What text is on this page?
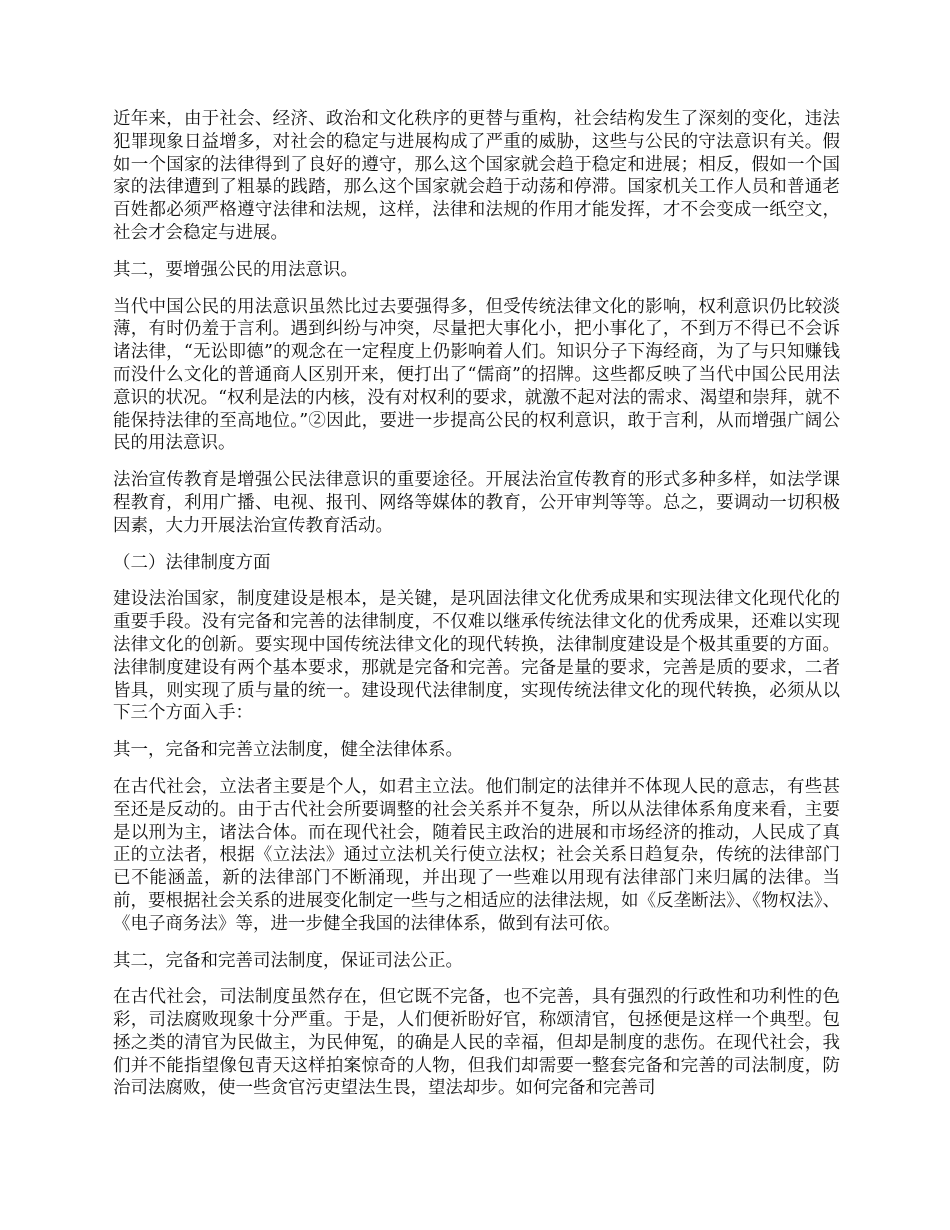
近年来，由于社会、经济、政治和文化秩序的更替与重构，社会结构发生了深刻的变化，违法犯罪现象日益增多，对社会的稳定与进展构成了严重的威胁，这些与公民的守法意识有关。假如一个国家的法律得到了良好的遵守，那么这个国家就会趋于稳定和进展；相反，假如一个国家的法律遭到了粗暴的践踏，那么这个国家就会趋于动荡和停滞。国家机关工作人员和普通老百姓都必须严格遵守法律和法规，这样，法律和法规的作用才能发挥，才不会变成一纸空文，社会才会稳定与进展。

其二，要增强公民的用法意识。

当代中国公民的用法意识虽然比过去要强得多，但受传统法律文化的影响，权利意识仍比较淡薄，有时仍羞于言利。遇到纠纷与冲突，尽量把大事化小，把小事化了，不到万不得已不会诉诸法律，“无讼即德”的观念在一定程度上仍影响着人们。知识分子下海经商，为了与只知赚钱而没什么文化的普通商人区别开来，便打出了“儒商”的招牌。这些都反映了当代中国公民用法意识的状况。“权利是法的内核，没有对权利的要求，就激不起对法的需求、渴望和崇拜，就不能保持法律的至高地位。”②因此，要进一步提高公民的权利意识，敢于言利，从而增强广阔公民的用法意识。

法治宣传教育是增强公民法律意识的重要途径。开展法治宣传教育的形式多种多样，如法学课程教育，利用广播、电视、报刊、网络等媒体的教育，公开审判等等。总之，要调动一切积极因素，大力开展法治宣传教育活动。

（二）法律制度方面

建设法治国家，制度建设是根本，是关键，是巩固法律文化优秀成果和实现法律文化现代化的重要手段。没有完备和完善的法律制度，不仅难以继承传统法律文化的优秀成果，还难以实现法律文化的创新。要实现中国传统法律文化的现代转换，法律制度建设是个极其重要的方面。法律制度建设有两个基本要求，那就是完备和完善。完备是量的要求，完善是质的要求，二者皆具，则实现了质与量的统一。建设现代法律制度，实现传统法律文化的现代转换，必须从以下三个方面入手：

其一，完备和完善立法制度，健全法律体系。

在古代社会，立法者主要是个人，如君主立法。他们制定的法律并不体现人民的意志，有些甚至还是反动的。由于古代社会所要调整的社会关系并不复杂，所以从法律体系角度来看，主要是以刑为主，诸法合体。而在现代社会，随着民主政治的进展和市场经济的推动，人民成了真正的立法者，根据《立法法》通过立法机关行使立法权；社会关系日趋复杂，传统的法律部门已不能涵盖，新的法律部门不断涌现，并出现了一些难以用现有法律部门来归属的法律。当前，要根据社会关系的进展变化制定一些与之相适应的法律法规，如《反垄断法》、《物权法》、《电子商务法》等，进一步健全我国的法律体系，做到有法可依。

其二，完备和完善司法制度，保证司法公正。

在古代社会，司法制度虽然存在，但它既不完备，也不完善，具有强烈的行政性和功利性的色彩，司法腐败现象十分严重。于是，人们便祈盼好官，称颂清官，包拯便是这样一个典型。包拯之类的清官为民做主，为民伸冤，的确是人民的幸福，但却是制度的悲伤。在现代社会，我们并不能指望像包青天这样拍案惊奇的人物，但我们却需要一整套完备和完善的司法制度，防治司法腐败，使一些贪官污吏望法生畏，望法却步。如何完备和完善司
